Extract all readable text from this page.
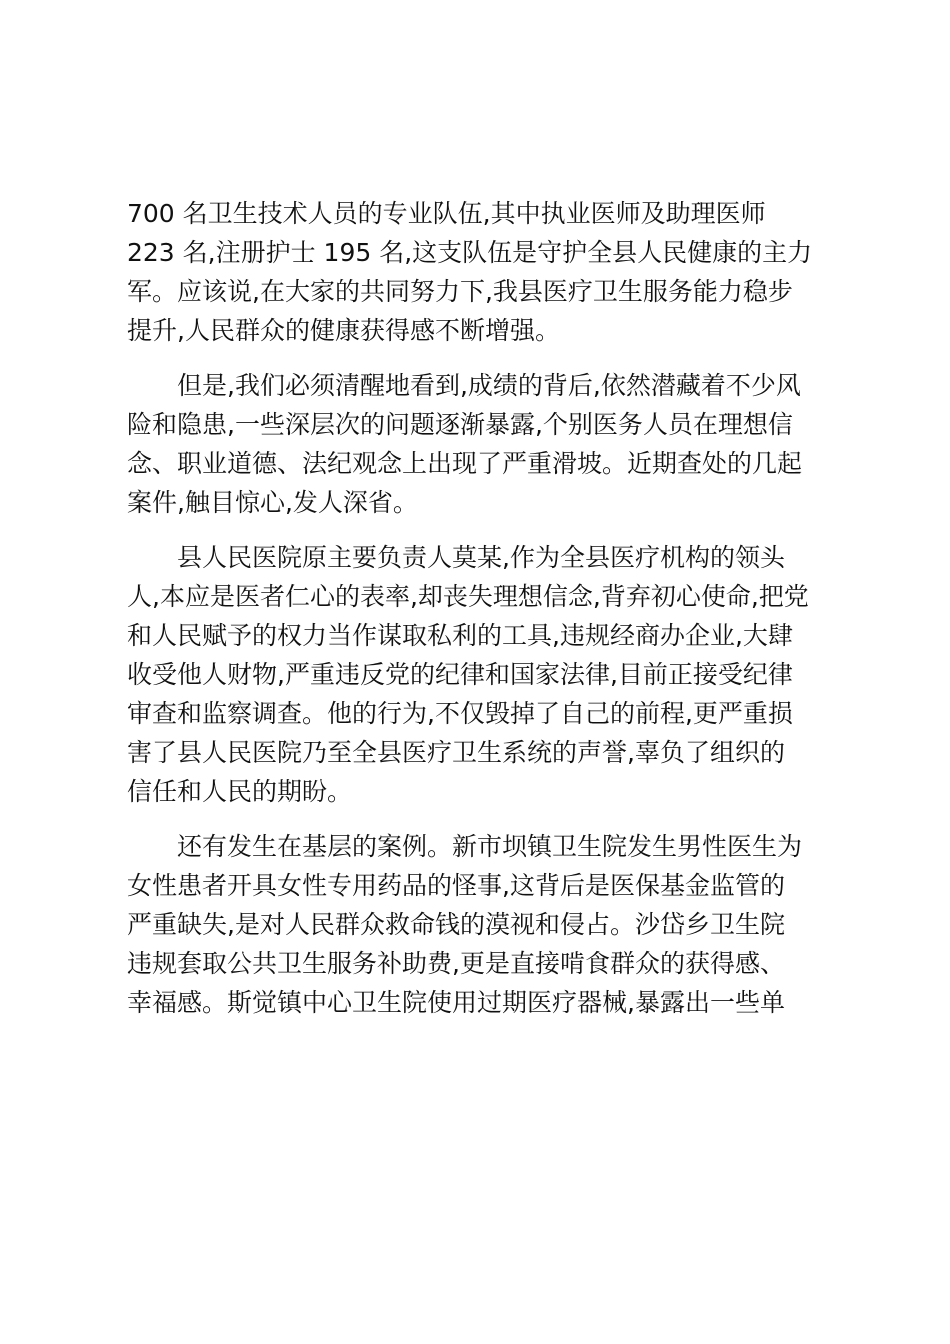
700 名卫生技术人员的专业队伍,其中执业医师及助理医师
223 名,注册护士 195 名,这支队伍是守护全县人民健康的主力
军。应该说,在大家的共同努力下,我县医疗卫生服务能力稳步
提升,人民群众的健康获得感不断增强。
但是,我们必须清醒地看到,成绩的背后,依然潜藏着不少风
险和隐患,一些深层次的问题逐渐暴露,个别医务人员在理想信
念、职业道德、法纪观念上出现了严重滑坡。近期查处的几起
案件,触目惊心,发人深省。
县人民医院原主要负责人莫某,作为全县医疗机构的领头
人,本应是医者仁心的表率,却丧失理想信念,背弃初心使命,把党
和人民赋予的权力当作谋取私利的工具,违规经商办企业,大肆
收受他人财物,严重违反党的纪律和国家法律,目前正接受纪律
审查和监察调查。他的行为,不仅毁掉了自己的前程,更严重损
害了县人民医院乃至全县医疗卫生系统的声誉,辜负了组织的
信任和人民的期盼。
还有发生在基层的案例。新市坝镇卫生院发生男性医生为
女性患者开具女性专用药品的怪事,这背后是医保基金监管的
严重缺失,是对人民群众救命钱的漠视和侵占。沙岱乡卫生院
违规套取公共卫生服务补助费,更是直接啃食群众的获得感、
幸福感。斯觉镇中心卫生院使用过期医疗器械,暴露出一些单
